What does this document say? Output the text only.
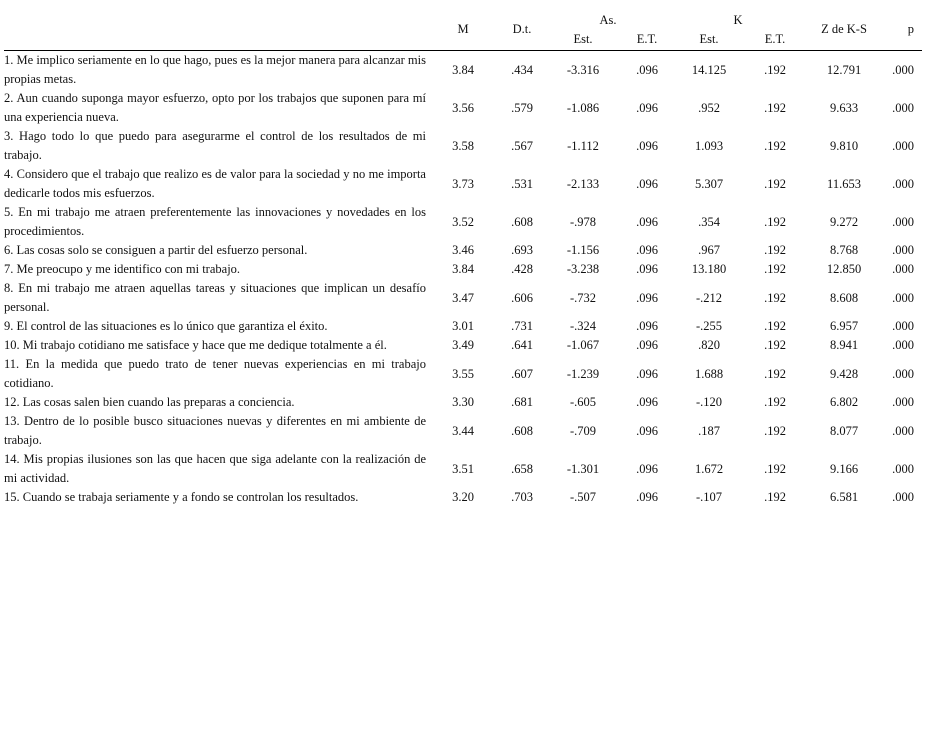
	M	D.t.	As.		K		Z de K-S	p
			Est.	E.T.	Est.	E.T.		

1. Me implico seriamente en lo que hago, pues es la mejor manera para alcanzar mis propias metas.	3.84	.434	-3.316	.096	14.125	.192	12.791	.000
2. Aun cuando suponga mayor esfuerzo, opto por los trabajos que suponen para mí una experiencia nueva.	3.56	.579	-1.086	.096	.952	.192	9.633	.000
3. Hago todo lo que puedo para asegurarme el control de los resultados de mi trabajo.	3.58	.567	-1.112	.096	1.093	.192	9.810	.000
4. Considero que el trabajo que realizo es de valor para la sociedad y no me importa dedicarle todos mis esfuerzos.	3.73	.531	-2.133	.096	5.307	.192	11.653	.000
5. En mi trabajo me atraen preferentemente las innovaciones y novedades en los procedimientos.	3.52	.608	-.978	.096	.354	.192	9.272	.000
6. Las cosas solo se consiguen a partir del esfuerzo personal.	3.46	.693	-1.156	.096	.967	.192	8.768	.000
7. Me preocupo y me identifico con mi trabajo.	3.84	.428	-3.238	.096	13.180	.192	12.850	.000
8. En mi trabajo me atraen aquellas tareas y situaciones que implican un desafío personal.	3.47	.606	-.732	.096	-.212	.192	8.608	.000
9. El control de las situaciones es lo único que garantiza el éxito.	3.01	.731	-.324	.096	-.255	.192	6.957	.000
10. Mi trabajo cotidiano me satisface y hace que me dedique totalmente a él.	3.49	.641	-1.067	.096	.820	.192	8.941	.000
11. En la medida que puedo trato de tener nuevas experiencias en mi trabajo cotidiano.	3.55	.607	-1.239	.096	1.688	.192	9.428	.000
12. Las cosas salen bien cuando las preparas a conciencia.	3.30	.681	-.605	.096	-.120	.192	6.802	.000
13. Dentro de lo posible busco situaciones nuevas y diferentes en mi ambiente de trabajo.	3.44	.608	-.709	.096	.187	.192	8.077	.000
14. Mis propias ilusiones son las que hacen que siga adelante con la realización de mi actividad.	3.51	.658	-1.301	.096	1.672	.192	9.166	.000
15. Cuando se trabaja seriamente y a fondo se controlan los resultados.	3.20	.703	-.507	.096	-.107	.192	6.581	.000
